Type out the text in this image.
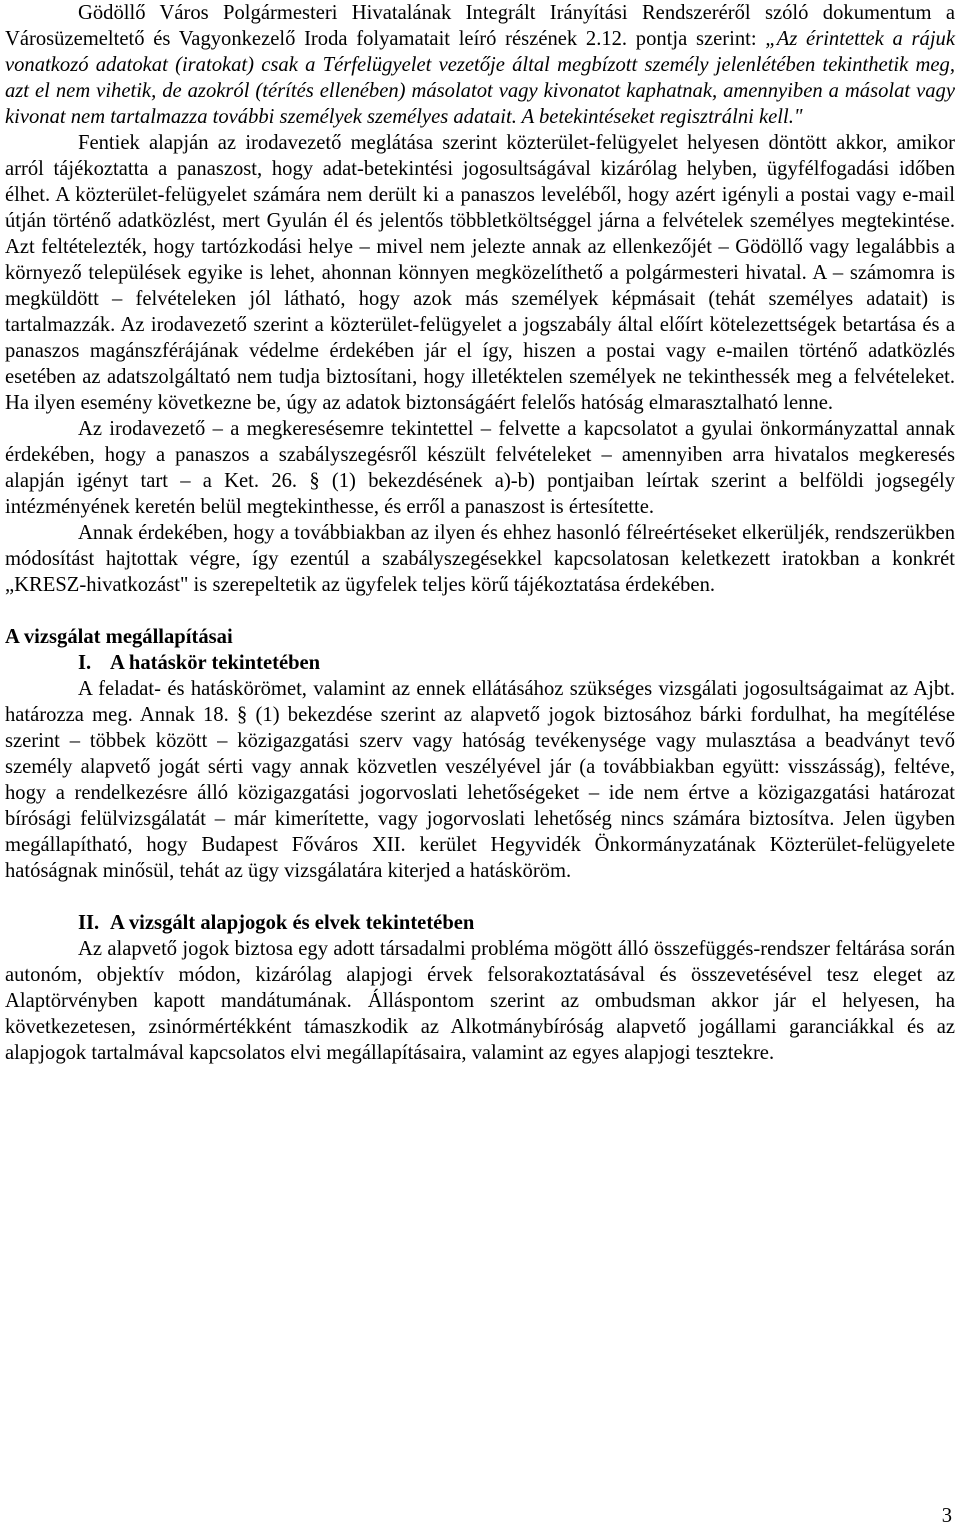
Gödöllő Város Polgármesteri Hivatalának Integrált Irányítási Rendszeréről szóló dokumentum a Városüzemeltető és Vagyonkezelő Iroda folyamatait leíró részének 2.12. pontja szerint: „Az érintettek a rájuk vonatkozó adatokat (iratokat) csak a Térfelügyelet vezetője által megbízott személy jelenlétében tekinthetik meg, azt el nem vihetik, de azokról (térítés ellenében) másolatot vagy kivonatot kaphatnak, amennyiben a másolat vagy kivonat nem tartalmazza további személyek személyes adatait. A betekintéseket regisztrálni kell."

Fentiek alapján az irodavezető meglátása szerint közterület-felügyelet helyesen döntött akkor, amikor arról tájékoztatta a panaszost, hogy adat-betekintési jogosultságával kizárólag helyben, ügyfélfogadási időben élhet. A közterület-felügyelet számára nem derült ki a panaszos leveléből, hogy azért igényli a postai vagy e-mail útján történő adatközlést, mert Gyulán él és jelentős többletköltséggel járna a felvételek személyes megtekintése. Azt feltételezték, hogy tartózkodási helye – mivel nem jelezte annak az ellenkezőjét – Gödöllő vagy legalábbis a környező települések egyike is lehet, ahonnan könnyen megközelíthető a polgármesteri hivatal. A – számomra is megküldött – felvételeken jól látható, hogy azok más személyek képmásait (tehát személyes adatait) is tartalmazzák. Az irodavezető szerint a közterület-felügyelet a jogszabály által előírt kötelezettségek betartása és a panaszos magánszférájának védelme érdekében jár el így, hiszen a postai vagy e-mailen történő adatközlés esetében az adatszolgáltató nem tudja biztosítani, hogy illetéktelen személyek ne tekinthessék meg a felvételeket. Ha ilyen esemény következne be, úgy az adatok biztonságáért felelős hatóság elmarasztalható lenne.

Az irodavezető – a megkeresésemre tekintettel – felvette a kapcsolatot a gyulai önkormányzattal annak érdekében, hogy a panaszos a szabályszegésről készült felvételeket – amennyiben arra hivatalos megkeresés alapján igényt tart – a Ket. 26. § (1) bekezdésének a)-b) pontjaiban leírtak szerint a belföldi jogsegély intézményének keretén belül megtekinthesse, és erről a panaszost is értesítette.

Annak érdekében, hogy a továbbiakban az ilyen és ehhez hasonló félreértéseket elkerüljék, rendszerükben módosítást hajtottak végre, így ezentúl a szabályszegésekkel kapcsolatosan keletkezett iratokban a konkrét „KRESZ-hivatkozást" is szerepeltetik az ügyfelek teljes körű tájékoztatása érdekében.

A vizsgálat megállapításai

I. A hatáskör tekintetében

A feladat- és hatáskörömet, valamint az ennek ellátásához szükséges vizsgálati jogosultságaimat az Ajbt. határozza meg. Annak 18. § (1) bekezdése szerint az alapvető jogok biztosához bárki fordulhat, ha megítélése szerint – többek között – közigazgatási szerv vagy hatóság tevékenysége vagy mulasztása a beadványt tevő személy alapvető jogát sérti vagy annak közvetlen veszélyével jár (a továbbiakban együtt: visszásság), feltéve, hogy a rendelkezésre álló közigazgatási jogorvoslati lehetőségeket – ide nem értve a közigazgatási határozat bírósági felülvizsgálatát – már kimerítette, vagy jogorvoslati lehetőség nincs számára biztosítva. Jelen ügyben megállapítható, hogy Budapest Főváros XII. kerület Hegyvidék Önkormányzatának Közterület-felügyelete hatóságnak minősül, tehát az ügy vizsgálatára kiterjed a hatásköröm.

II. A vizsgált alapjogok és elvek tekintetében

Az alapvető jogok biztosa egy adott társadalmi probléma mögött álló összefüggés-rendszer feltárása során autonóm, objektív módon, kizárólag alapjogi érvek felsorakoztatásával és összevetésével tesz eleget az Alaptörvényben kapott mandátumának. Álláspontom szerint az ombudsman akkor jár el helyesen, ha következetesen, zsinórmértékként támaszkodik az Alkotmánybíróság alapvető jogállami garanciákkal és az alapjogok tartalmával kapcsolatos elvi megállapításaira, valamint az egyes alapjogi tesztekre.

3
